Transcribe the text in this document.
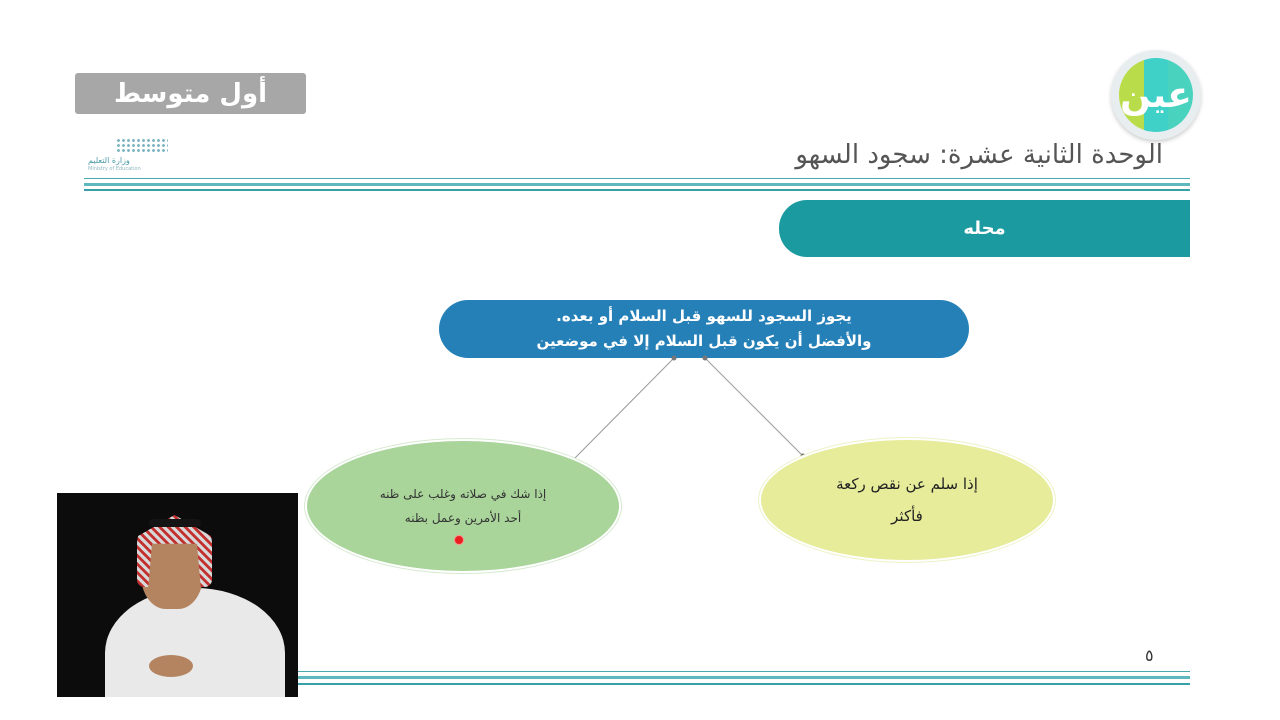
أول متوسط	عين
وزارة التعليم
Ministry of Education	الوحدة الثانية عشرة: سجود السهو
محله
يجوز السجود للسهو قبل السلام أو بعده.
والأفضل أن يكون قبل السلام إلا في موضعين
إذا شك في صلاته وغلب على ظنه
أحد الأمرين وعمل بظنه
إذا سلم عن نقص ركعة
فأكثر
٥
